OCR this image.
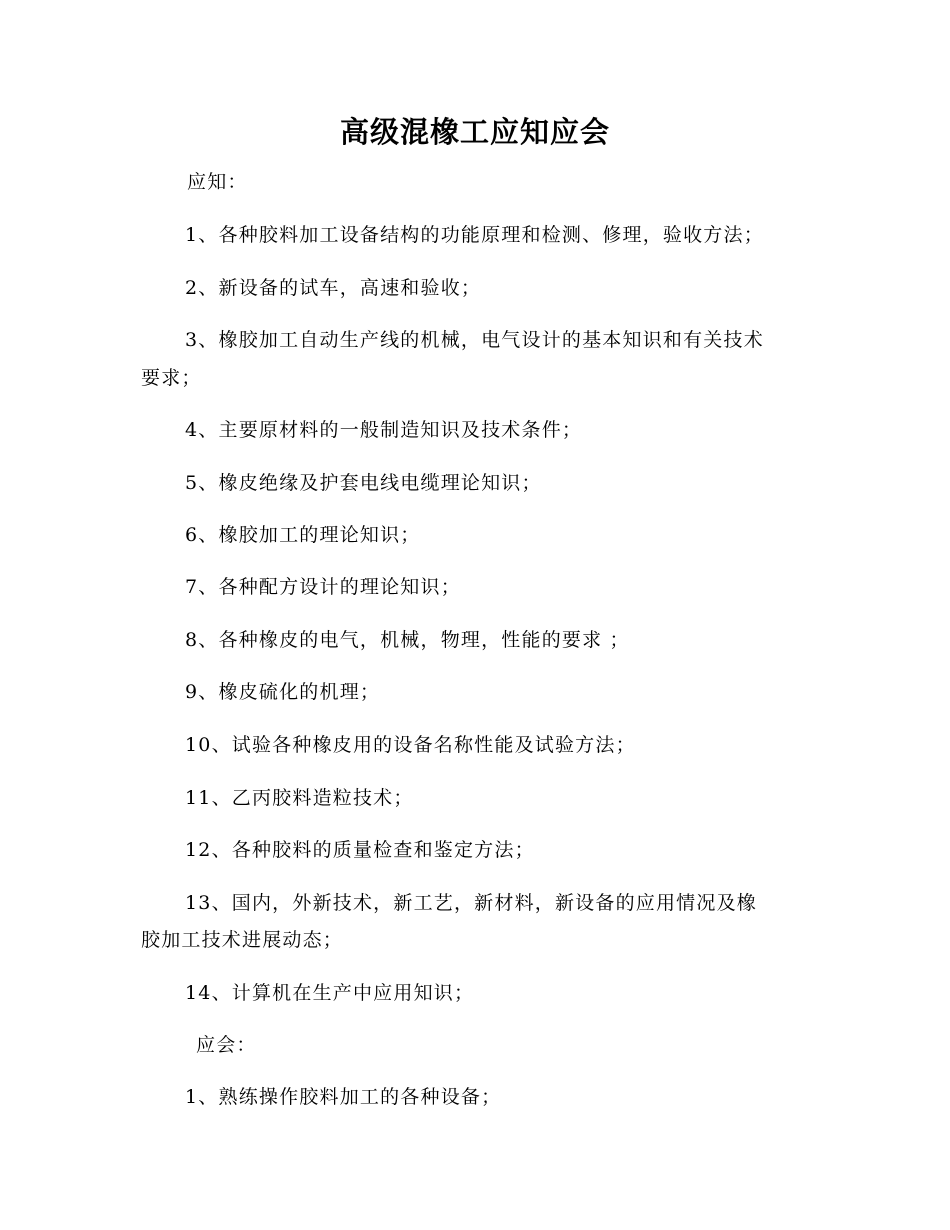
高级混橡工应知应会
应知：
1、各种胶料加工设备结构的功能原理和检测、修理，验收方法；
2、新设备的试车，高速和验收；
3、橡胶加工自动生产线的机械，电气设计的基本知识和有关技术
要求；
4、主要原材料的一般制造知识及技术条件；
5、橡皮绝缘及护套电线电缆理论知识；
6、橡胶加工的理论知识；
7、各种配方设计的理论知识；
8、各种橡皮的电气，机械，物理，性能的要求 ；
9、橡皮硫化的机理；
10、试验各种橡皮用的设备名称性能及试验方法；
11、乙丙胶料造粒技术；
12、各种胶料的质量检查和鉴定方法；
13、国内，外新技术，新工艺，新材料，新设备的应用情况及橡
胶加工技术进展动态；
14、计算机在生产中应用知识；
应会：
1、熟练操作胶料加工的各种设备；
